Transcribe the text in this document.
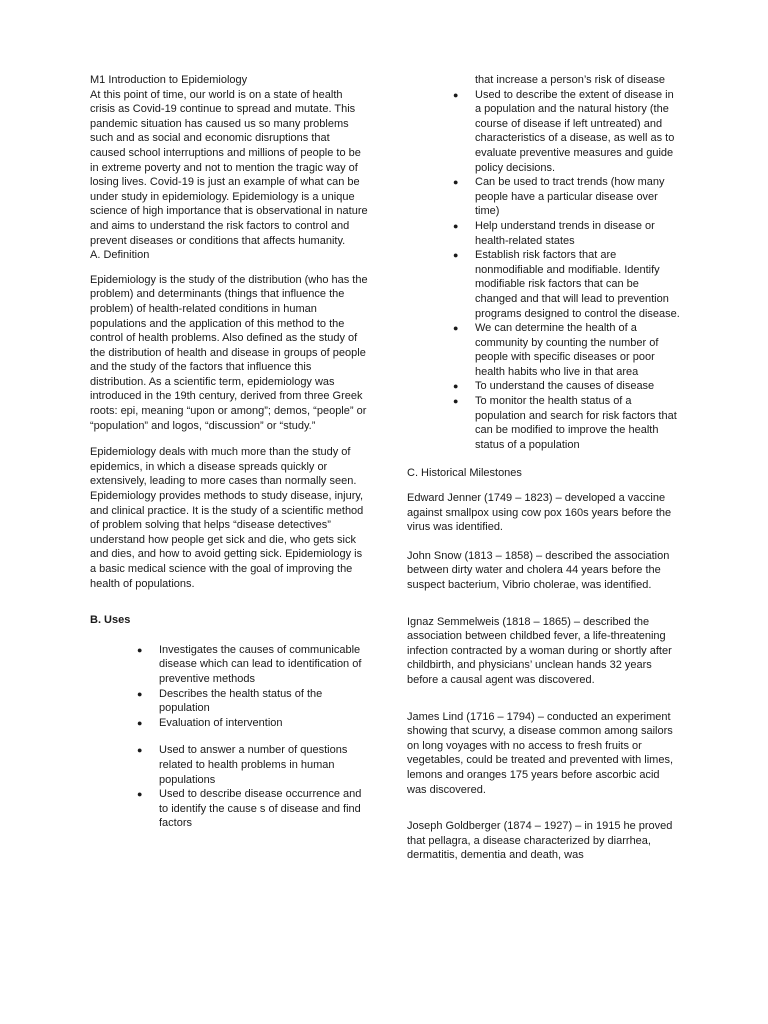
M1 Introduction to Epidemiology

At this point of time, our world is on a state of health crisis as Covid-19 continue to spread and mutate. This pandemic situation has caused us so many problems such and as social and economic disruptions that caused school interruptions and millions of people to be in extreme poverty and not to mention the tragic way of losing lives. Covid-19 is just an example of what can be under study in epidemiology. Epidemiology is a unique science of high importance that is observational in nature and aims to understand the risk factors to control and prevent diseases or conditions that affects humanity.

A. Definition

Epidemiology is the study of the distribution (who has the problem) and determinants (things that influence the problem) of health-related conditions in human populations and the application of this method to the control of health problems. Also defined as the study of the distribution of health and disease in groups of people and the study of the factors that influence this distribution. As a scientific term, epidemiology was introduced in the 19th century, derived from three Greek roots: epi, meaning “upon or among”; demos, “people” or “population” and logos, “discussion” or “study.”

Epidemiology deals with much more than the study of epidemics, in which a disease spreads quickly or extensively, leading to more cases than normally seen. Epidemiology provides methods to study disease, injury, and clinical practice. It is the study of a scientific method of problem solving that helps “disease detectives” understand how people get sick and die, who gets sick and dies, and how to avoid getting sick. Epidemiology is a basic medical science with the goal of improving the health of populations.

B. Uses

● Investigates the causes of communicable disease which can lead to identification of preventive methods
● Describes the health status of the population
● Evaluation of intervention
● Used to answer a number of questions related to health problems in human populations
● Used to describe disease occurrence and to identify the cause s of disease and find factors
that increase a person’s risk of disease
● Used to describe the extent of disease in a population and the natural history (the course of disease if left untreated) and characteristics of a disease, as well as to evaluate preventive measures and guide policy decisions.
● Can be used to tract trends (how many people have a particular disease over time)
● Help understand trends in disease or health-related states
● Establish risk factors that are nonmodifiable and modifiable. Identify modifiable risk factors that can be changed and that will lead to prevention programs designed to control the disease.
● We can determine the health of a community by counting the number of people with specific diseases or poor health habits who live in that area
● To understand the causes of disease
● To monitor the health status of a population and search for risk factors that can be modified to improve the health status of a population

C. Historical Milestones

Edward Jenner (1749 – 1823) – developed a vaccine against smallpox using cow pox 160s years before the virus was identified.

John Snow (1813 – 1858) – described the association between dirty water and cholera 44 years before the suspect bacterium, Vibrio cholerae, was identified.

Ignaz Semmelweis (1818 – 1865) – described the association between childbed fever, a life-threatening infection contracted by a woman during or shortly after childbirth, and physicians’ unclean hands 32 years before a causal agent was discovered.

James Lind (1716 – 1794) – conducted an experiment showing that scurvy, a disease common among sailors on long voyages with no access to fresh fruits or vegetables, could be treated and prevented with limes, lemons and oranges 175 years before ascorbic acid was discovered.

Joseph Goldberger (1874 – 1927) – in 1915 he proved that pellagra, a disease characterized by diarrhea, dermatitis, dementia and death, was
